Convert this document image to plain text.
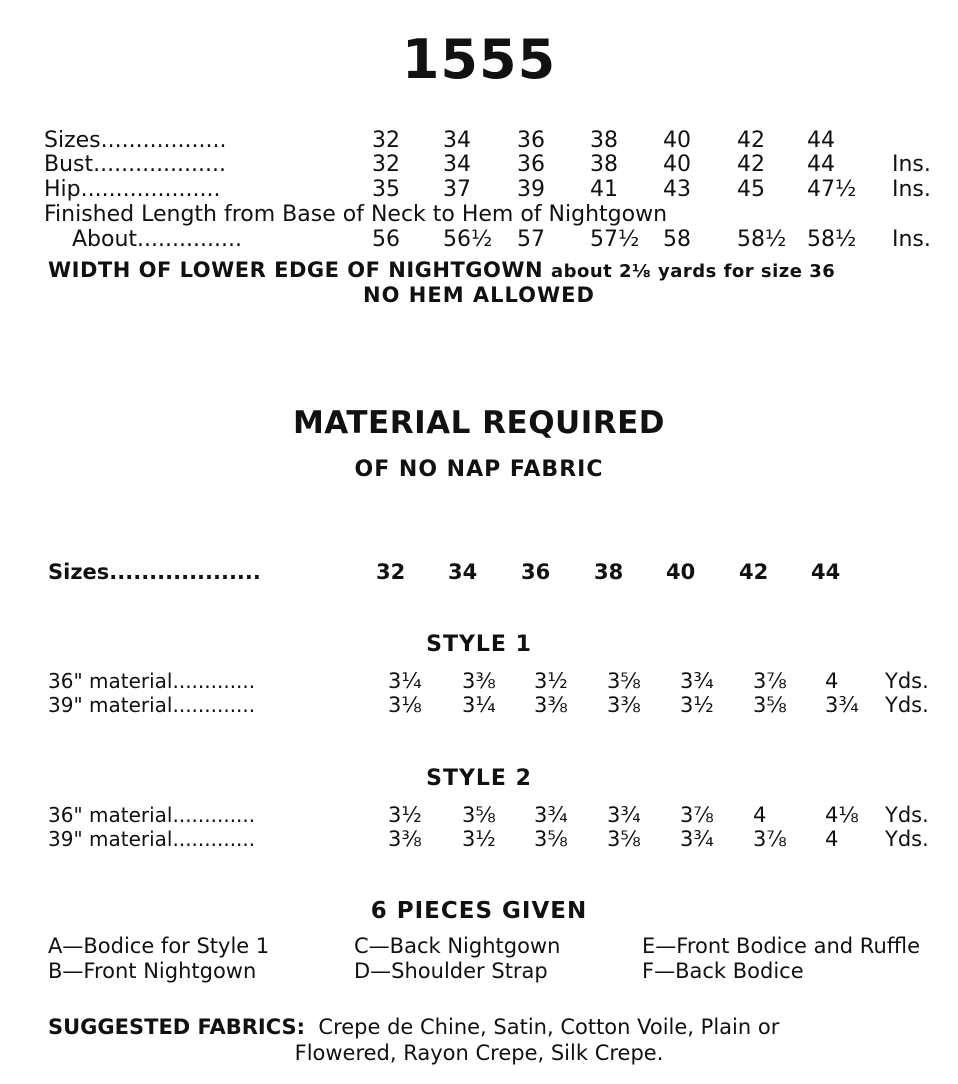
1555
Sizes..................	32 34 36 38 40 42 44
Bust...................	32 34 36 38 40 42 44	Ins.
Hip....................	35 37 39 41 43 45 47½ Ins.
About...............	56 56½ 57 57½ 58 58½ 58½ Ins.
Finished Length from Base of Neck to Hem of Nightgown
WIDTH OF LOWER EDGE OF NIGHTGOWN about 2⅛ yards for size 36
NO HEM ALLOWED
MATERIAL REQUIRED
OF NO NAP FABRIC
Sizes...................	32 34 36 38 40 42 44
STYLE 1
36" material.............	3¼ 3⅜ 3½ 3⅝ 3¾ 3⅞ 4 Yds.
39" material.............	3⅛ 3¼ 3⅜ 3⅜ 3½ 3⅝ 3¾ Yds.
STYLE 2
36" material.............	3½ 3⅝ 3¾ 3¾ 3⅞ 4	4⅛ Yds.
39" material.............	3⅜ 3½ 3⅝ 3⅝ 3¾ 3⅞ 4 Yds.
6 PIECES GIVEN
A—Bodice for Style 1
B—Front Nightgown
C—Back Nightgown
D—Shoulder Strap
E—Front Bodice and Ruffle
F—Back Bodice
SUGGESTED FABRICS: Crepe de Chine, Satin, Cotton Voile, Plain or
Flowered, Rayon Crepe, Silk Crepe.
